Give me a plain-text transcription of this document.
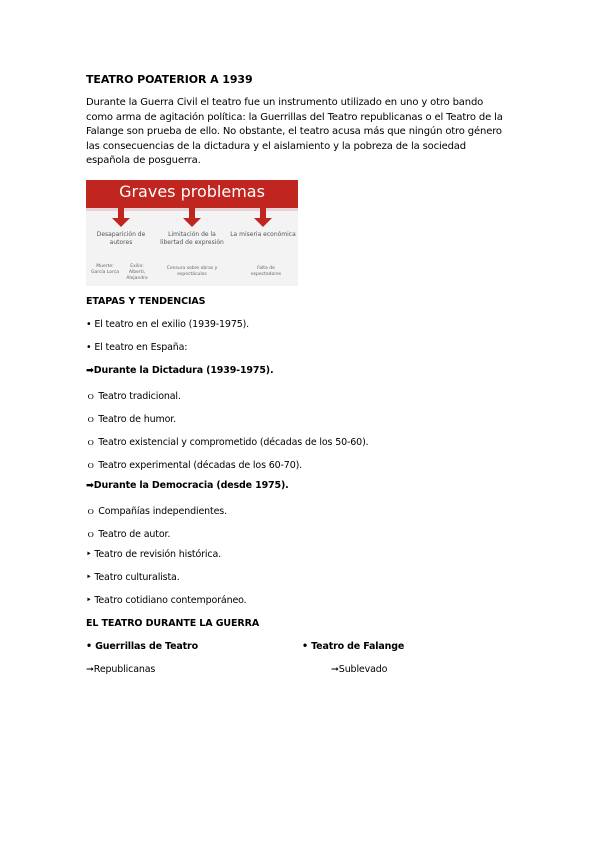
TEATRO POATERIOR A 1939
Durante la Guerra Civil el teatro fue un instrumento utilizado en uno y otro bando como arma de agitación política: la Guerrillas del Teatro republicanas o el Teatro de la Falange son prueba de ello. No obstante, el teatro acusa más que ningún otro género las consecuencias de la dictadura y el aislamiento y la pobreza de la sociedad española de posguerra.
Graves problemas
Desaparición de autores
Limitación de la libertad de expresión
La miseria económica
Muerte: García Lorca
Exilio: Alberti, Alejandro
Censura sobre obras y espectáculos
Falta de espectadores
ETAPAS Y TENDENCIAS
• El teatro en el exilio (1939-1975).
• El teatro en España:
➡Durante la Dictadura (1939-1975).
ｏ Teatro tradicional.
ｏ Teatro de humor.
ｏ Teatro existencial y comprometido (décadas de los 50-60).
ｏ Teatro experimental (décadas de los 60-70).
➡Durante la Democracia (desde 1975).
ｏ Compañías independientes.
ｏ Teatro de autor.
‣ Teatro de revisión histórica.
‣ Teatro culturalista.
‣ Teatro cotidiano contemporáneo.
EL TEATRO DURANTE LA GUERRA
• Guerrillas de Teatro	• Teatro de Falange
➞Republicanas	➞Sublevado
